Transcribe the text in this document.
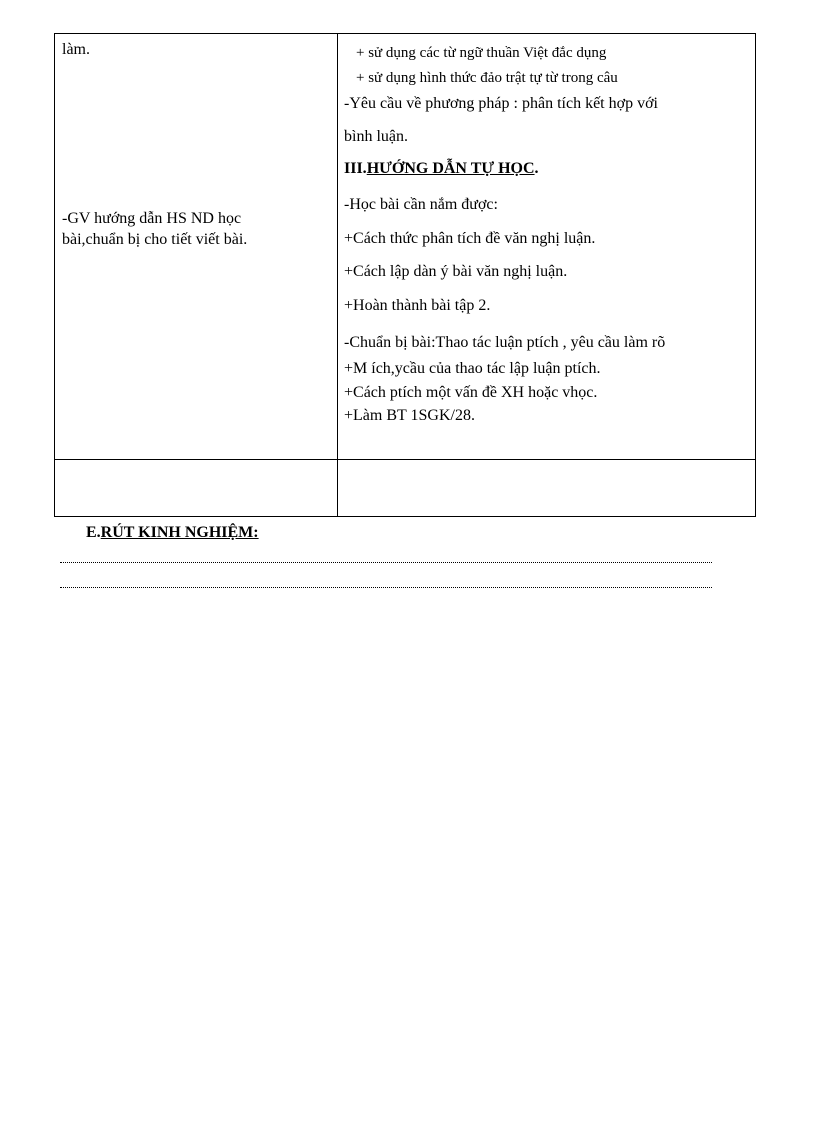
làm.
-GV hướng dẫn HS ND học
bài,chuẩn bị cho tiết viết bài.
+ sử dụng các từ ngữ thuần Việt đắc dụng
+ sử dụng hình thức đảo trật tự từ trong câu
-Yêu cầu về phương pháp : phân tích kết hợp với
bình luận.
III.HƯỚNG DẪN TỰ HỌC.
-Học bài cần nắm được:
+Cách thức phân tích đề văn nghị luận.
+Cách lập dàn ý bài văn nghị luận.
+Hoàn thành bài tập 2.
-Chuẩn bị bài:Thao tác luận ptích , yêu cầu làm rõ
+M ích,ycầu của thao tác lập luận ptích.
+Cách ptích một vấn đề XH hoặc vhọc.
+Làm BT 1SGK/28.
E.RÚT KINH NGHIỆM:
